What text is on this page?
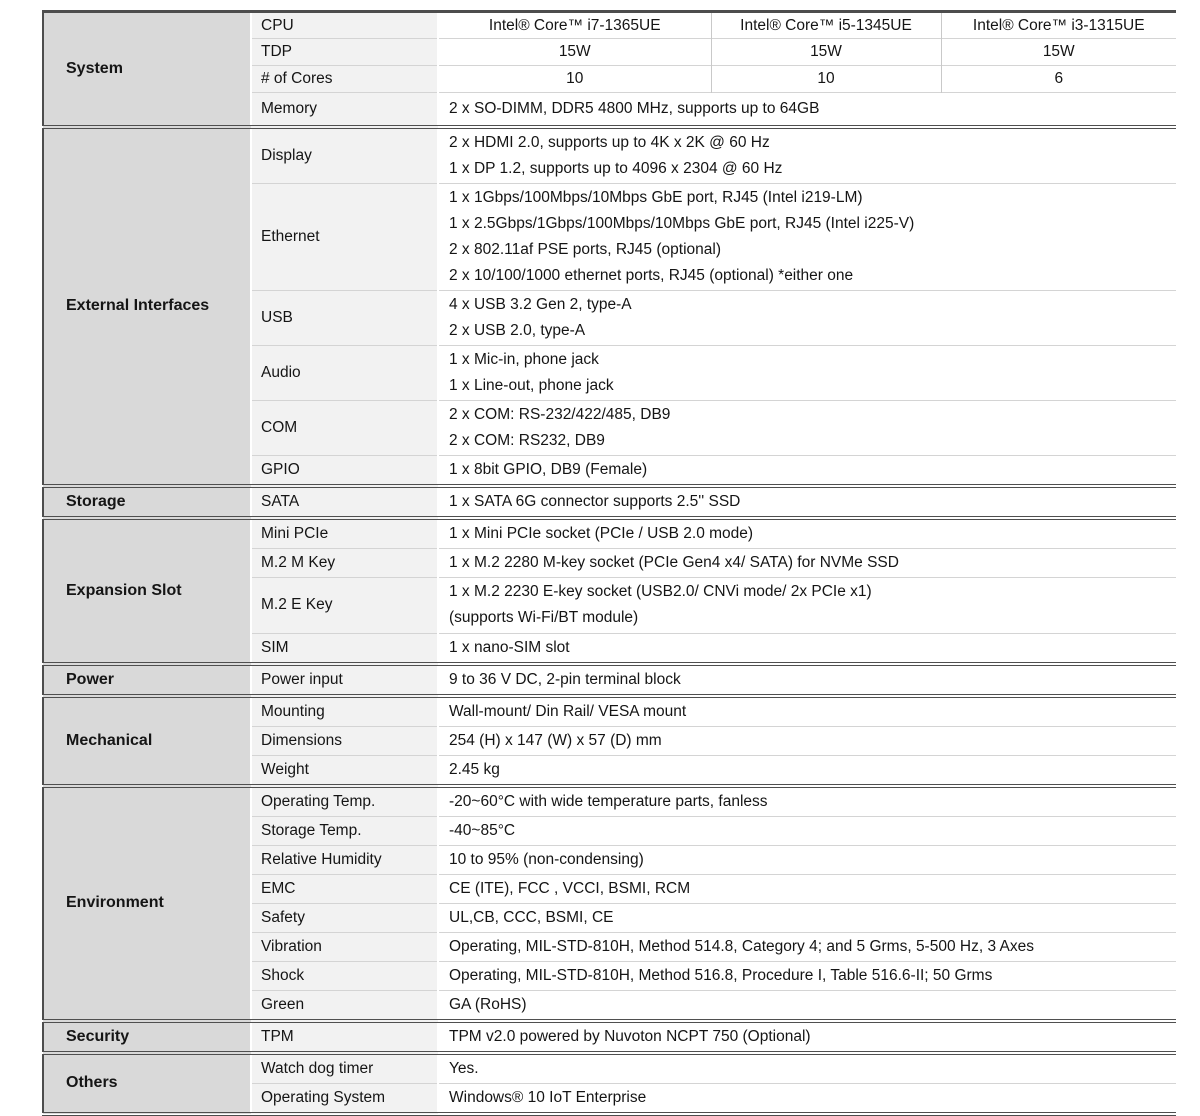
System	CPU	Intel® Core™ i7-1365UE	Intel® Core™ i5-1345UE	Intel® Core™ i3-1315UE
	TDP	15W	15W	15W
	# of Cores	10	10	6
	Memory	2 x SO-DIMM, DDR5 4800 MHz, supports up to 64GB		

External Interfaces	Display	2 x HDMI 2.0, supports up to 4K x 2K @ 60 Hz
1 x DP 1.2, supports up to 4096 x 2304 @ 60 Hz		

	Ethernet	1 x 1Gbps/100Mbps/10Mbps GbE port, RJ45 (Intel i219-LM)
1 x 2.5Gbps/1Gbps/100Mbps/10Mbps GbE port, RJ45 (Intel i225-V)
2 x 802.11af PSE ports, RJ45 (optional)
2 x 10/100/1000 ethernet ports, RJ45 (optional) *either one		

	USB	4 x USB 3.2 Gen 2, type-A
2 x USB 2.0, type-A		

	Audio	1 x Mic-in, phone jack
1 x Line-out, phone jack		

	COM	2 x COM: RS-232/422/485, DB9
2 x COM: RS232, DB9		

	GPIO	1 x 8bit GPIO, DB9 (Female)		

Storage	SATA	1 x SATA 6G connector supports 2.5'' SSD		

Expansion Slot	Mini PCIe	1 x Mini PCIe socket (PCIe / USB 2.0 mode)		

	M.2 M Key	1 x M.2 2280 M-key socket (PCIe Gen4 x4/ SATA) for NVMe SSD		

	M.2 E Key	1 x M.2 2230 E-key socket (USB2.0/ CNVi mode/ 2x PCIe x1)
(supports Wi-Fi/BT module)		

	SIM	1 x nano-SIM slot		

Power	Power input	9 to 36 V DC, 2-pin terminal block		

Mechanical	Mounting	Wall-mount/ Din Rail/ VESA mount		

	Dimensions	254 (H) x 147 (W) x 57 (D) mm		

	Weight	2.45 kg		

Environment	Operating Temp.	-20~60°C with wide temperature parts, fanless		

	Storage Temp.	-40~85°C		

	Relative Humidity	10 to 95% (non-condensing)		

	EMC	CE (ITE), FCC , VCCI, BSMI, RCM		

	Safety	UL,CB, CCC, BSMI, CE		

	Vibration	Operating, MIL-STD-810H, Method 514.8, Category 4; and 5 Grms, 5-500 Hz, 3 Axes		

	Shock	Operating, MIL-STD-810H, Method 516.8, Procedure I, Table 516.6-II; 50 Grms		

	Green	GA (RoHS)		

Security	TPM	TPM v2.0 powered by Nuvoton NCPT 750 (Optional)		

Others	Watch dog timer	Yes.		

	Operating System	Windows® 10 IoT Enterprise		
